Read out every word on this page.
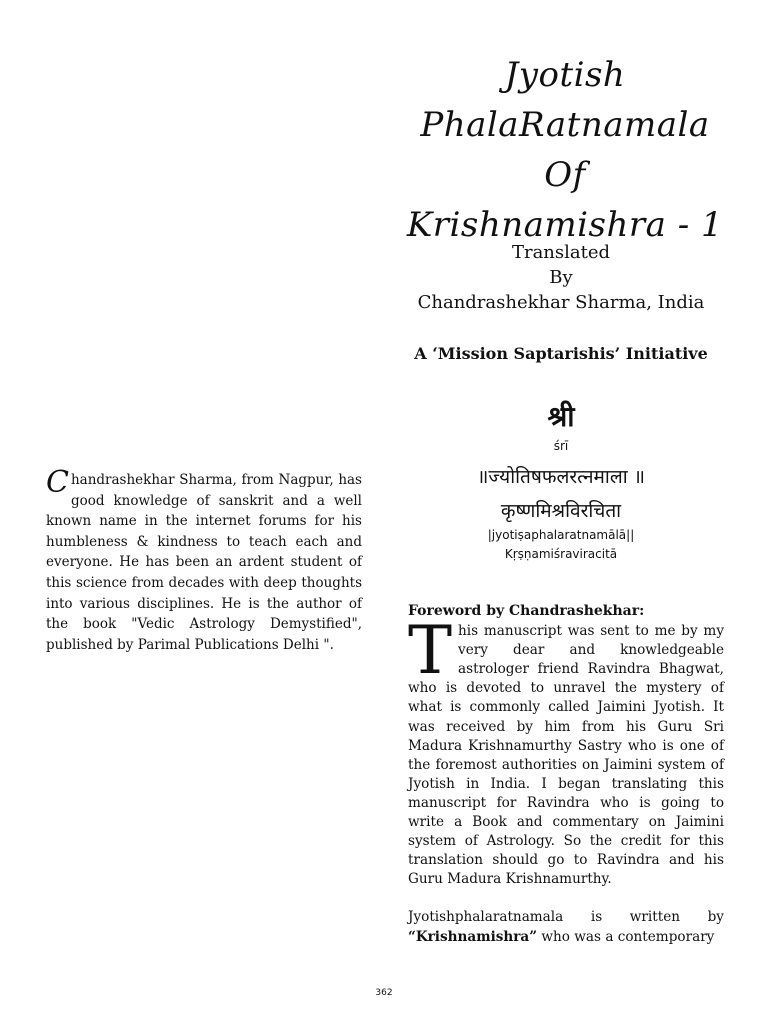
Jyotish
PhalaRatnamala
Of
Krishnamishra - 1
Translated
By
Chandrashekhar Sharma, India
A ‘Mission Saptarishis’ Initiative
श्री
śrī
॥ज्योतिषफलरत्नमाला ॥
कृष्णमिश्रविरचिता
|jyotiṣaphalaratnamālā||
Kṛṣṇamiśraviracitā
Chandrashekhar Sharma, from Nagpur, has good knowledge of sanskrit and a well known name in the internet forums for his humbleness & kindness to teach each and everyone. He has been an ardent student of this science from decades with deep thoughts into various disciplines. He is the author of the book "Vedic Astrology Demystified", published by Parimal Publications Delhi ".
Foreword by Chandrashekhar:
This manuscript was sent to me by my very dear and knowledgeable astrologer friend Ravindra Bhagwat, who is devoted to unravel the mystery of what is commonly called Jaimini Jyotish. It was received by him from his Guru Sri Madura Krishnamurthy Sastry who is one of the foremost authorities on Jaimini system of Jyotish in India. I began translating this manuscript for Ravindra who is going to write a Book and commentary on Jaimini system of Astrology. So the credit for this translation should go to Ravindra and his Guru Madura Krishnamurthy.
Jyotishphalaratnamala is written by “Krishnamishra” who was a contemporary
362
